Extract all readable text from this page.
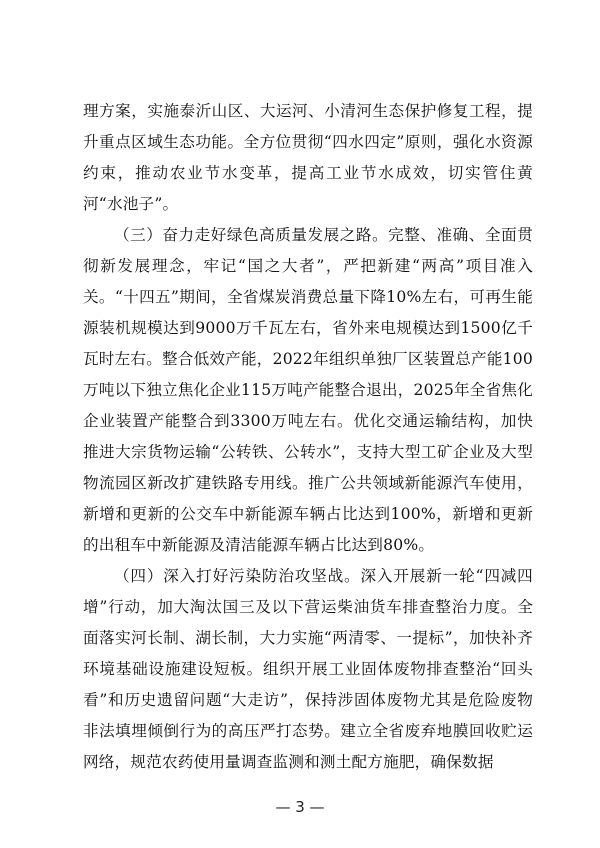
理方案，实施泰沂山区、大运河、小清河生态保护修复工程，提升重点区域生态功能。全方位贯彻“四水四定”原则，强化水资源约束，推动农业节水变革，提高工业节水成效，切实管住黄河“水池子”。

（三）奋力走好绿色高质量发展之路。完整、准确、全面贯彻新发展理念，牢记“国之大者”，严把新建“两高”项目准入关。“十四五”期间，全省煤炭消费总量下降10%左右，可再生能源装机规模达到9000万千瓦左右，省外来电规模达到1500亿千瓦时左右。整合低效产能，2022年组织单独厂区装置总产能100万吨以下独立焦化企业115万吨产能整合退出，2025年全省焦化企业装置产能整合到3300万吨左右。优化交通运输结构，加快推进大宗货物运输“公转铁、公转水”，支持大型工矿企业及大型物流园区新改扩建铁路专用线。推广公共领域新能源汽车使用，新增和更新的公交车中新能源车辆占比达到100%，新增和更新的出租车中新能源及清洁能源车辆占比达到80%。

（四）深入打好污染防治攻坚战。深入开展新一轮“四减四增”行动，加大淘汰国三及以下营运柴油货车排查整治力度。全面落实河长制、湖长制，大力实施“两清零、一提标”，加快补齐环境基础设施建设短板。组织开展工业固体废物排查整治“回头看”和历史遗留问题“大走访”，保持涉固体废物尤其是危险废物非法填埋倾倒行为的高压严打态势。建立全省废弃地膜回收贮运网络，规范农药使用量调查监测和测土配方施肥，确保数据

— 3 —
